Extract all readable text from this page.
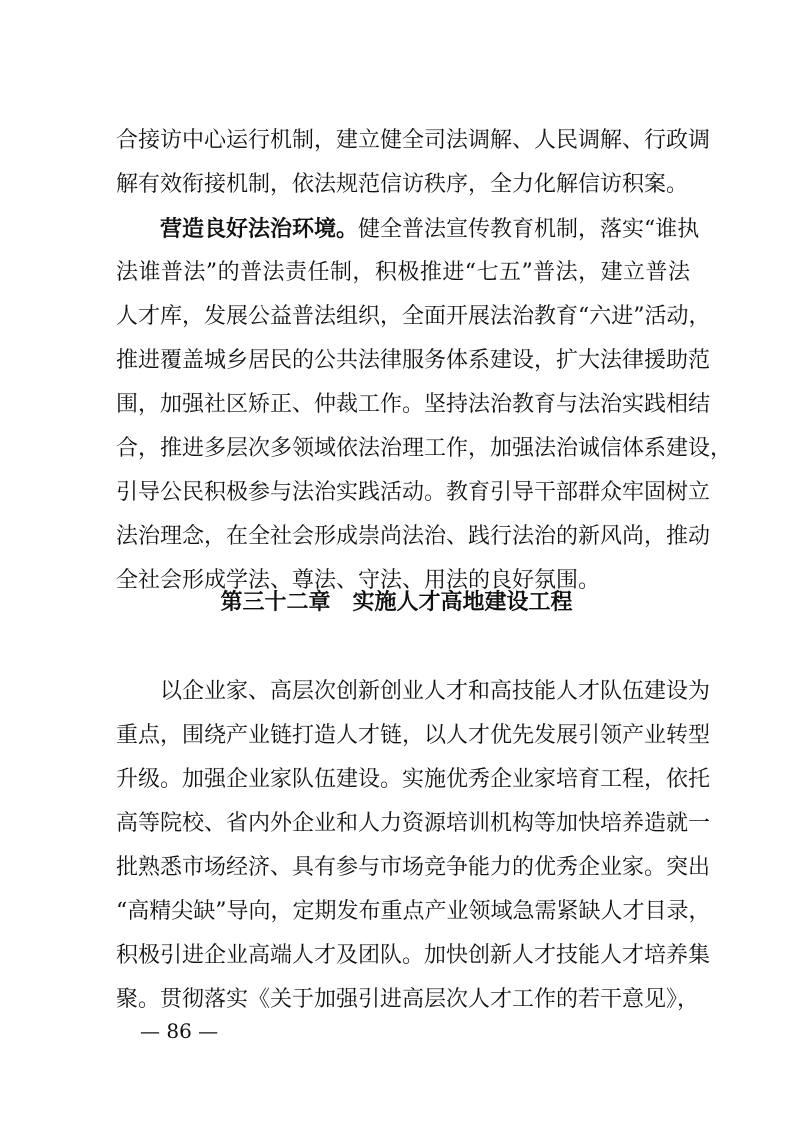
合接访中心运行机制，建立健全司法调解、人民调解、行政调
解有效衔接机制，依法规范信访秩序，全力化解信访积案。
营造良好法治环境。健全普法宣传教育机制，落实“谁执
法谁普法”的普法责任制，积极推进“七五”普法，建立普法
人才库，发展公益普法组织，全面开展法治教育“六进”活动，
推进覆盖城乡居民的公共法律服务体系建设，扩大法律援助范
围，加强社区矫正、仲裁工作。坚持法治教育与法治实践相结
合，推进多层次多领域依法治理工作，加强法治诚信体系建设，
引导公民积极参与法治实践活动。教育引导干部群众牢固树立
法治理念，在全社会形成崇尚法治、践行法治的新风尚，推动
全社会形成学法、尊法、守法、用法的良好氛围。
第三十二章　实施人才高地建设工程
以企业家、高层次创新创业人才和高技能人才队伍建设为
重点，围绕产业链打造人才链，以人才优先发展引领产业转型
升级。加强企业家队伍建设。实施优秀企业家培育工程，依托
高等院校、省内外企业和人力资源培训机构等加快培养造就一
批熟悉市场经济、具有参与市场竞争能力的优秀企业家。突出
“高精尖缺”导向，定期发布重点产业领域急需紧缺人才目录，
积极引进企业高端人才及团队。加快创新人才技能人才培养集
聚。贯彻落实《关于加强引进高层次人才工作的若干意见》，
— 86 —
